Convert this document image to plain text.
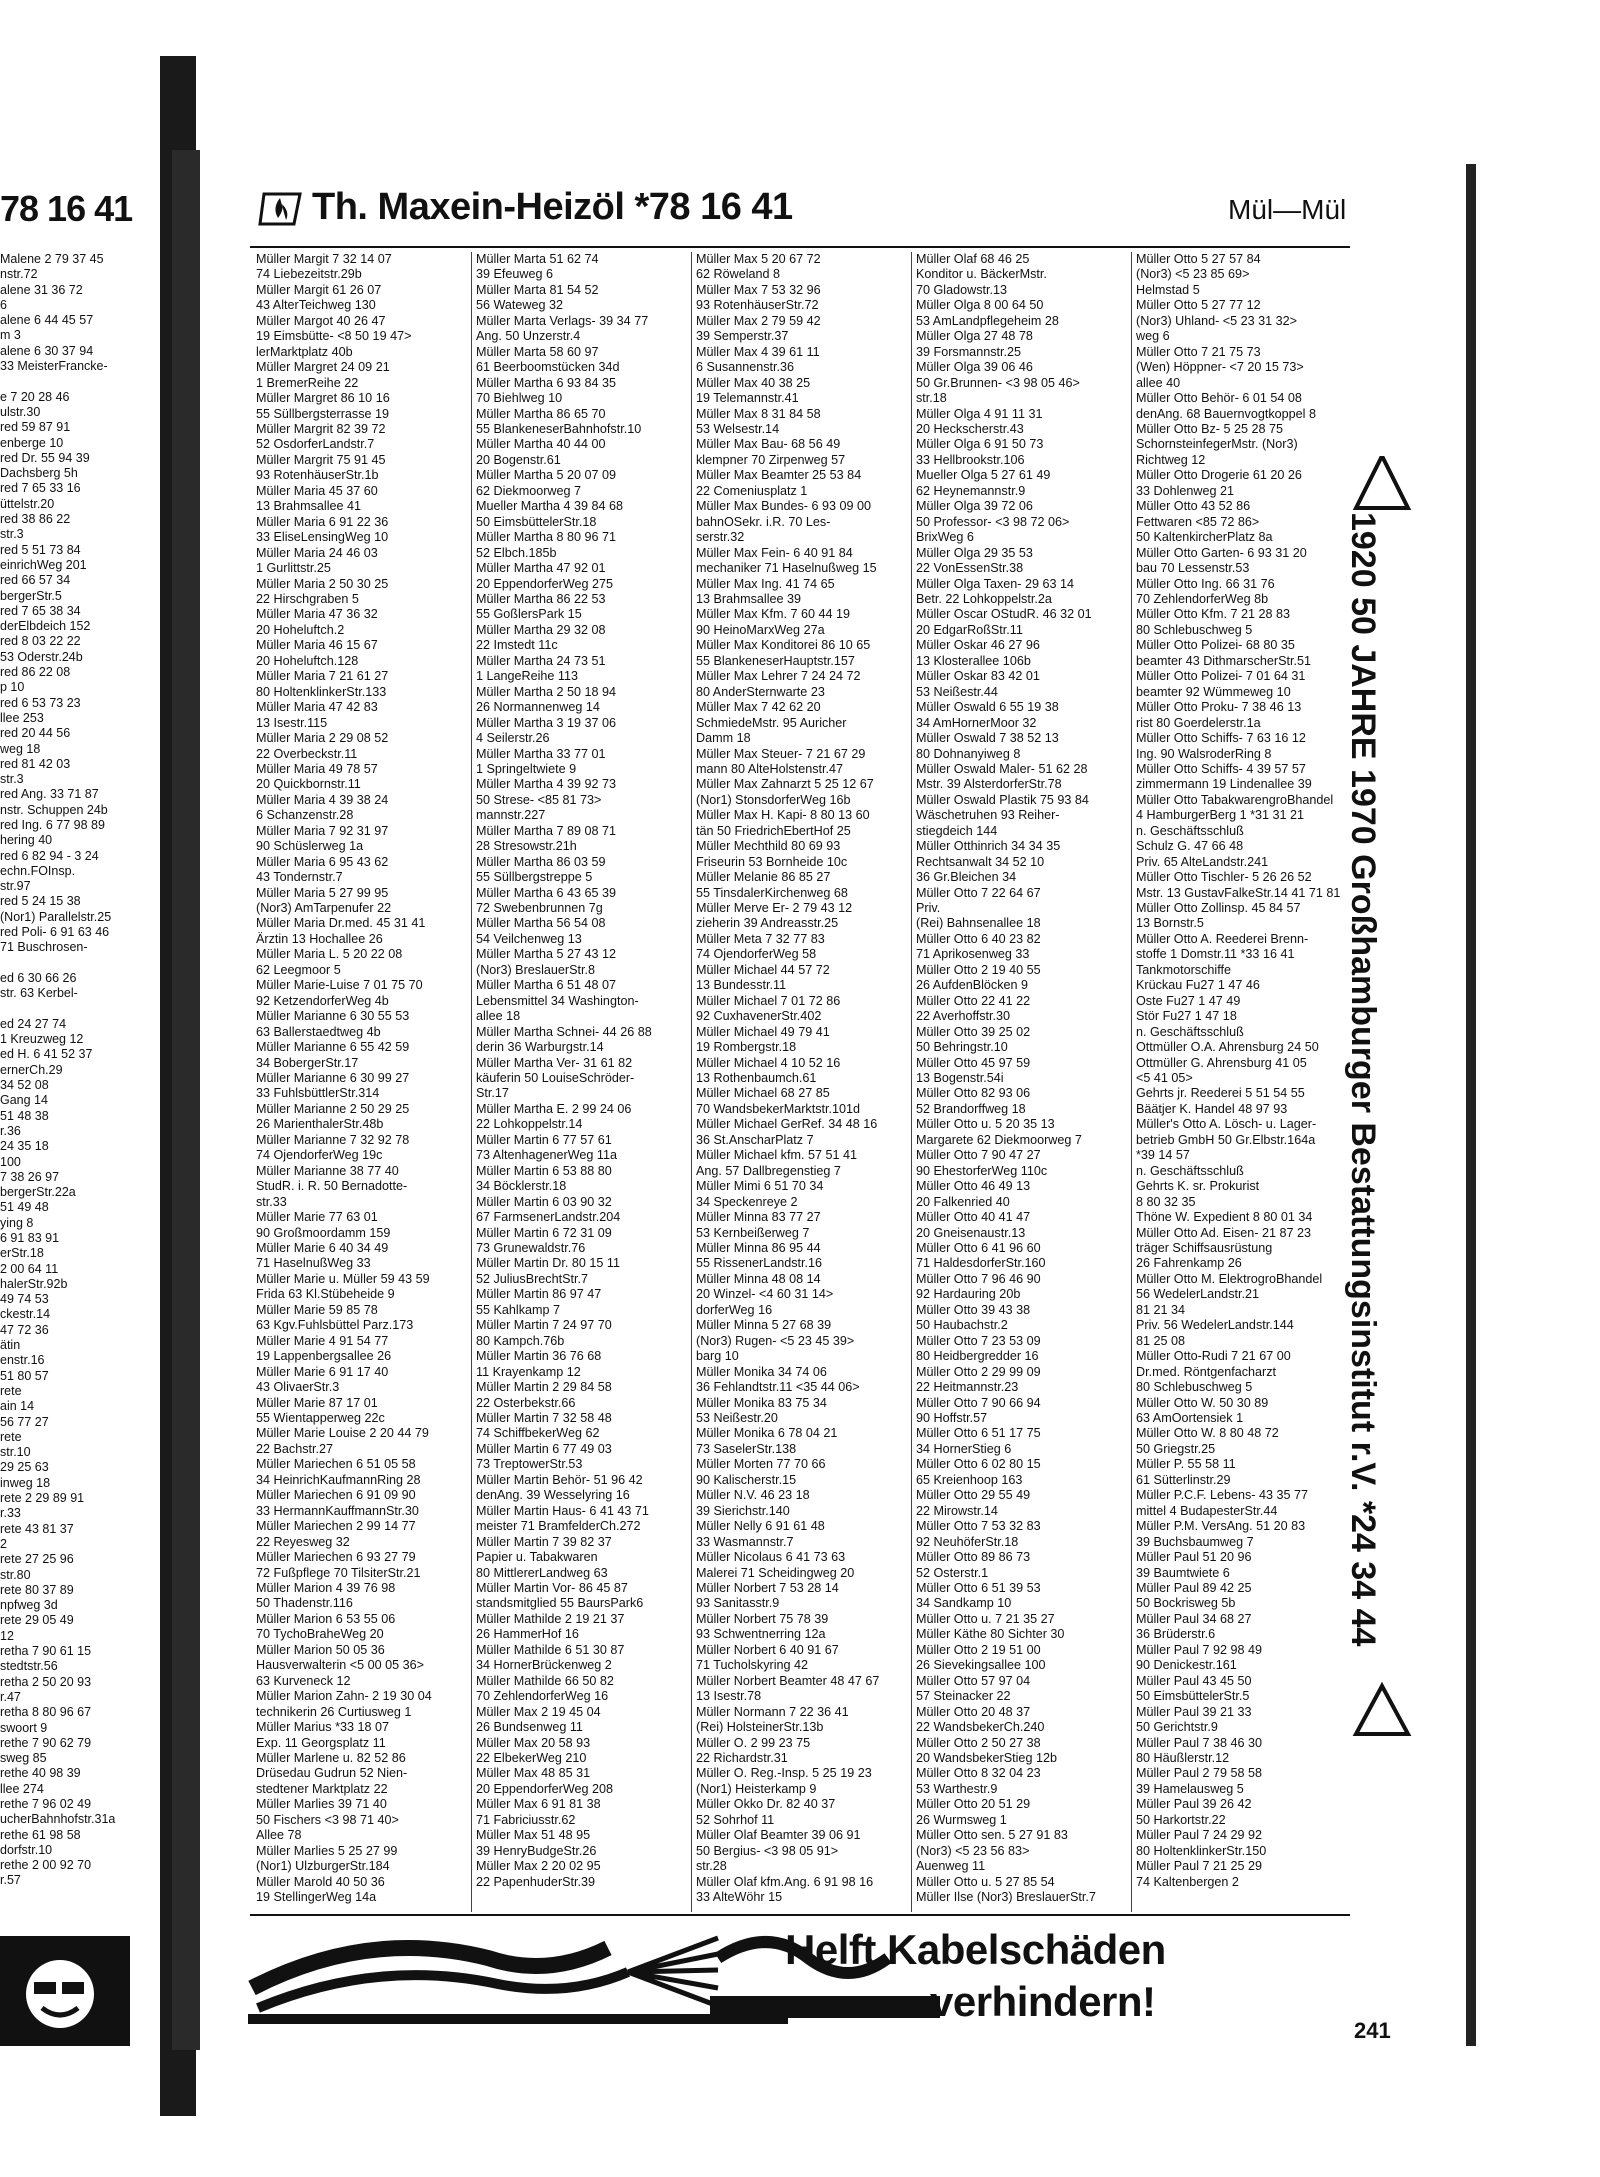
78 16 41
Malene 2 79 37 45
nstr.72
alene 31 36 72
6
alene 6 44 45 57
m 3
alene 6 30 37 94
33 MeisterFrancke-

e 7 20 28 46
ulstr.30
red 59 87 91
enberge 10
red Dr. 55 94 39
Dachsberg 5h
red 7 65 33 16
üttelstr.20
red 38 86 22
str.3
red 5 51 73 84
einrichWeg 201
red 66 57 34
bergerStr.5
red 7 65 38 34
derElbdeich 152
red 8 03 22 22
53 Oderstr.24b
red 86 22 08
p 10
red 6 53 73 23
llee 253
red 20 44 56
weg 18
red 81 42 03
str.3
red Ang. 33 71 87
nstr. Schuppen 24b
red Ing. 6 77 98 89
hering 40
red 6 82 94 - 3 24
echn.FOInsp.
str.97
red 5 24 15 38
(Nor1) Parallelstr.25
red Poli- 6 91 63 46
71 Buschrosen-

ed 6 30 66 26
str. 63 Kerbel-

ed 24 27 74
1 Kreuzweg 12
ed H. 6 41 52 37
ernerCh.29
34 52 08
Gang 14
51 48 38
r.36
24 35 18
100
7 38 26 97
bergerStr.22a
51 49 48
ying 8
6 91 83 91
erStr.18
2 00 64 11
halerStr.92b
49 74 53
ckestr.14
47 72 36
ätin
enstr.16
51 80 57
rete
ain 14
56 77 27
rete
str.10
29 25 63
inweg 18
rete 2 29 89 91
r.33
rete 43 81 37
2
rete 27 25 96
str.80
rete 80 37 89
npfweg 3d
rete 29 05 49
12
retha 7 90 61 15
stedtstr.56
retha 2 50 20 93
r.47
retha 8 80 96 67
swoort 9
rethe 7 90 62 79
sweg 85
rethe 40 98 39
llee 274
rethe 7 96 02 49
ucherBahnhofstr.31a
rethe 61 98 58
dorfstr.10
rethe 2 00 92 70
r.57
Th. Maxein-Heizöl *78 16 41	Mül—Mül
Müller Margit 7 32 14 07
74 Liebezeitstr.29b
Müller Margit 61 26 07
43 AlterTeichweg 130
Müller Margot 40 26 47
19 Eimsbütte- <8 50 19 47>
lerMarktplatz 40b
Müller Margret 24 09 21
1 BremerReihe 22
Müller Margret 86 10 16
55 Süllbergsterrasse 19
Müller Margrit 82 39 72
52 OsdorferLandstr.7
Müller Margrit 75 91 45
93 RotenhäuserStr.1b
Müller Maria 45 37 60
13 Brahmsallee 41
Müller Maria 6 91 22 36
33 EliseLensingWeg 10
Müller Maria 24 46 03
1 Gurlittstr.25
Müller Maria 2 50 30 25
22 Hirschgraben 5
Müller Maria 47 36 32
20 Hoheluftch.2
Müller Maria 46 15 67
20 Hoheluftch.128
Müller Maria 7 21 61 27
80 HoltenklinkerStr.133
Müller Maria 47 42 83
13 Isestr.115
Müller Maria 2 29 08 52
22 Overbeckstr.11
Müller Maria 49 78 57
20 Quickbornstr.11
Müller Maria 4 39 38 24
6 Schanzenstr.28
Müller Maria 7 92 31 97
90 Schüslerweg 1a
Müller Maria 6 95 43 62
43 Tondernstr.7
Müller Maria 5 27 99 95
(Nor3) AmTarpenufer 22
Müller Maria Dr.med. 45 31 41
Ärztin 13 Hochallee 26
Müller Maria L. 5 20 22 08
62 Leegmoor 5
Müller Marie-Luise 7 01 75 70
92 KetzendorferWeg 4b
Müller Marianne 6 30 55 53
63 Ballerstaedtweg 4b
Müller Marianne 6 55 42 59
34 BobergerStr.17
Müller Marianne 6 30 99 27
33 FuhlsbüttlerStr.314
Müller Marianne 2 50 29 25
26 MarienthalerStr.48b
Müller Marianne 7 32 92 78
74 OjendorferWeg 19c
Müller Marianne 38 77 40
StudR. i. R. 50 Bernadotte-
str.33
Müller Marie 77 63 01
90 Großmoordamm 159
Müller Marie 6 40 34 49
71 HaselnußWeg 33
Müller Marie u. Müller 59 43 59
Frida 63 Kl.Stübeheide 9
Müller Marie 59 85 78
63 Kgv.Fuhlsbüttel Parz.173
Müller Marie 4 91 54 77
19 Lappenbergsallee 26
Müller Marie 6 91 17 40
43 OlivaerStr.3
Müller Marie 87 17 01
55 Wientapperweg 22c
Müller Marie Louise 2 20 44 79
22 Bachstr.27
Müller Mariechen 6 51 05 58
34 HeinrichKaufmannRing 28
Müller Mariechen 6 91 09 90
33 HermannKauffmannStr.30
Müller Mariechen 2 99 14 77
22 Reyesweg 32
Müller Mariechen 6 93 27 79
72 Fußpflege 70 TilsiterStr.21
Müller Marion 4 39 76 98
50 Thadenstr.116
Müller Marion 6 53 55 06
70 TychoBraheWeg 20
Müller Marion 50 05 36
Hausverwalterin <5 00 05 36>
63 Kurveneck 12
Müller Marion Zahn- 2 19 30 04
technikerin 26 Curtiusweg 1
Müller Marius *33 18 07
Exp. 11 Georgsplatz 11
Müller Marlene u. 82 52 86
Drüsedau Gudrun 52 Nien-
stedtener Marktplatz 22
Müller Marlies 39 71 40
50 Fischers <3 98 71 40>
Allee 78
Müller Marlies 5 25 27 99
(Nor1) UlzburgerStr.184
Müller Marold 40 50 36
19 StellingerWeg 14a
Müller Marta 51 62 74
39 Efeuweg 6
Müller Marta 81 54 52
56 Wateweg 32
Müller Marta Verlags- 39 34 77
Ang. 50 Unzerstr.4
Müller Marta 58 60 97
61 Beerboomstücken 34d
Müller Martha 6 93 84 35
70 Biehlweg 10
Müller Martha 86 65 70
55 BlankeneserBahnhofstr.10
Müller Martha 40 44 00
20 Bogenstr.61
Müller Martha 5 20 07 09
62 Diekmoorweg 7
Mueller Martha 4 39 84 68
50 EimsbüttelerStr.18
Müller Martha 8 80 96 71
52 Elbch.185b
Müller Martha 47 92 01
20 EppendorferWeg 275
Müller Martha 86 22 53
55 GoßlersPark 15
Müller Martha 29 32 08
22 Imstedt 11c
Müller Martha 24 73 51
1 LangeReihe 113
Müller Martha 2 50 18 94
26 Normannenweg 14
Müller Martha 3 19 37 06
4 Seilerstr.26
Müller Martha 33 77 01
1 Springeltwiete 9
Müller Martha 4 39 92 73
50 Strese- <85 81 73>
mannstr.227
Müller Martha 7 89 08 71
28 Stresowstr.21h
Müller Martha 86 03 59
55 Süllbergstreppe 5
Müller Martha 6 43 65 39
72 Swebenbrunnen 7g
Müller Martha 56 54 08
54 Veilchenweg 13
Müller Martha 5 27 43 12
(Nor3) BreslauerStr.8
Müller Martha 6 51 48 07
Lebensmittel 34 Washington-
allee 18
Müller Martha Schnei- 44 26 88
derin 36 Warburgstr.14
Müller Martha Ver- 31 61 82
käuferin 50 LouiseSchröder-
Str.17
Müller Martha E. 2 99 24 06
22 Lohkoppelstr.14
Müller Martin 6 77 57 61
73 AltenhagenerWeg 11a
Müller Martin 6 53 88 80
34 Böcklerstr.18
Müller Martin 6 03 90 32
67 FarmsenerLandstr.204
Müller Martin 6 72 31 09
73 Grunewaldstr.76
Müller Martin Dr. 80 15 11
52 JuliusBrechtStr.7
Müller Martin 86 97 47
55 Kahlkamp 7
Müller Martin 7 24 97 70
80 Kampch.76b
Müller Martin 36 76 68
11 Krayenkamp 12
Müller Martin 2 29 84 58
22 Osterbekstr.66
Müller Martin 7 32 58 48
74 SchiffbekerWeg 62
Müller Martin 6 77 49 03
73 TreptowerStr.53
Müller Martin Behör- 51 96 42
denAng. 39 Wesselyring 16
Müller Martin Haus- 6 41 43 71
meister 71 BramfelderCh.272
Müller Martin 7 39 82 37
Papier u. Tabakwaren
80 MittlererLandweg 63
Müller Martin Vor- 86 45 87
standsmitglied 55 BaursPark6
Müller Mathilde 2 19 21 37
26 HammerHof 16
Müller Mathilde 6 51 30 87
34 HornerBrückenweg 2
Müller Mathilde 66 50 82
70 ZehlendorferWeg 16
Müller Max 2 19 45 04
26 Bundsenweg 11
Müller Max 20 58 93
22 ElbekerWeg 210
Müller Max 48 85 31
20 EppendorferWeg 208
Müller Max 6 91 81 38
71 Fabriciusstr.62
Müller Max 51 48 95
39 HenryBudgeStr.26
Müller Max 2 20 02 95
22 PapenhuderStr.39
Müller Max 5 20 67 72
62 Röweland 8
Müller Max 7 53 32 96
93 RotenhäuserStr.72
Müller Max 2 79 59 42
39 Semperstr.37
Müller Max 4 39 61 11
6 Susannenstr.36
Müller Max 40 38 25
19 Telemannstr.41
Müller Max 8 31 84 58
53 Welsestr.14
Müller Max Bau- 68 56 49
klempner 70 Zirpenweg 57
Müller Max Beamter 25 53 84
22 Comeniusplatz 1
Müller Max Bundes- 6 93 09 00
bahnOSekr. i.R. 70 Les-
serstr.32
Müller Max Fein- 6 40 91 84
mechaniker 71 Haselnußweg 15
Müller Max Ing. 41 74 65
13 Brahmsallee 39
Müller Max Kfm. 7 60 44 19
90 HeinoMarxWeg 27a
Müller Max Konditorei 86 10 65
55 BlankeneserHauptstr.157
Müller Max Lehrer 7 24 24 72
80 AnderSternwarte 23
Müller Max 7 42 62 20
SchmiedeMstr. 95 Auricher
Damm 18
Müller Max Steuer- 7 21 67 29
mann 80 AlteHolstenstr.47
Müller Max Zahnarzt 5 25 12 67
(Nor1) StonsdorferWeg 16b
Müller Max H. Kapi- 8 80 13 60
tän 50 FriedrichEbertHof 25
Müller Mechthild 80 69 93
Friseurin 53 Bornheide 10c
Müller Melanie 86 85 27
55 TinsdalerKirchenweg 68
Müller Merve Er- 2 79 43 12
zieherin 39 Andreasstr.25
Müller Meta 7 32 77 83
74 OjendorferWeg 58
Müller Michael 44 57 72
13 Bundesstr.11
Müller Michael 7 01 72 86
92 CuxhavenerStr.402
Müller Michael 49 79 41
19 Rombergstr.18
Müller Michael 4 10 52 16
13 Rothenbaumch.61
Müller Michael 68 27 85
70 WandsbekerMarktstr.101d
Müller Michael GerRef. 34 48 16
36 St.AnscharPlatz 7
Müller Michael kfm. 57 51 41
Ang. 57 Dallbregenstieg 7
Müller Mimi 6 51 70 34
34 Speckenreye 2
Müller Minna 83 77 27
53 Kernbeißerweg 7
Müller Minna 86 95 44
55 RissenerLandstr.16
Müller Minna 48 08 14
20 Winzel- <4 60 31 14>
dorferWeg 16
Müller Minna 5 27 68 39
(Nor3) Rugen- <5 23 45 39>
barg 10
Müller Monika 34 74 06
36 Fehlandtstr.11 <35 44 06>
Müller Monika 83 75 34
53 Neißestr.20
Müller Monika 6 78 04 21
73 SaselerStr.138
Müller Morten 77 70 66
90 Kalischerstr.15
Müller N.V. 46 23 18
39 Sierichstr.140
Müller Nelly 6 91 61 48
33 Wasmannstr.7
Müller Nicolaus 6 41 73 63
Malerei 71 Scheidingweg 20
Müller Norbert 7 53 28 14
93 Sanitasstr.9
Müller Norbert 75 78 39
93 Schwentnerring 12a
Müller Norbert 6 40 91 67
71 Tucholskyring 42
Müller Norbert Beamter 48 47 67
13 Isestr.78
Müller Normann 7 22 36 41
(Rei) HolsteinerStr.13b
Müller O. 2 99 23 75
22 Richardstr.31
Müller O. Reg.-Insp. 5 25 19 23
(Nor1) Heisterkamp 9
Müller Okko Dr. 82 40 37
52 Sohrhof 11
Müller Olaf Beamter 39 06 91
50 Bergius- <3 98 05 91>
str.28
Müller Olaf kfm.Ang. 6 91 98 16
33 AlteWöhr 15
Müller Olaf 68 46 25
Konditor u. BäckerMstr.
70 Gladowstr.13
Müller Olga 8 00 64 50
53 AmLandpflegeheim 28
Müller Olga 27 48 78
39 Forsmannstr.25
Müller Olga 39 06 46
50 Gr.Brunnen- <3 98 05 46>
str.18
Müller Olga 4 91 11 31
20 Heckscherstr.43
Müller Olga 6 91 50 73
33 Hellbrookstr.106
Mueller Olga 5 27 61 49
62 Heynemannstr.9
Müller Olga 39 72 06
50 Professor- <3 98 72 06>
BrixWeg 6
Müller Olga 29 35 53
22 VonEssenStr.38
Müller Olga Taxen- 29 63 14
Betr. 22 Lohkoppelstr.2a
Müller Oscar OStudR. 46 32 01
20 EdgarRoßStr.11
Müller Oskar 46 27 96
13 Klosterallee 106b
Müller Oskar 83 42 01
53 Neißestr.44
Müller Oswald 6 55 19 38
34 AmHornerMoor 32
Müller Oswald 7 38 52 13
80 Dohnanyiweg 8
Müller Oswald Maler- 51 62 28
Mstr. 39 AlsterdorferStr.78
Müller Oswald Plastik 75 93 84
Wäschetruhen 93 Reiher-
stiegdeich 144
Müller Otthinrich 34 34 35
Rechtsanwalt 34 52 10
36 Gr.Bleichen 34
Müller Otto 7 22 64 67
Priv.
(Rei) Bahnsenallee 18
Müller Otto 6 40 23 82
71 Aprikosenweg 33
Müller Otto 2 19 40 55
26 AufdenBlöcken 9
Müller Otto 22 41 22
22 Averhoffstr.30
Müller Otto 39 25 02
50 Behringstr.10
Müller Otto 45 97 59
13 Bogenstr.54i
Müller Otto 82 93 06
52 Brandorffweg 18
Müller Otto u. 5 20 35 13
Margarete 62 Diekmoorweg 7
Müller Otto 7 90 47 27
90 EhestorferWeg 110c
Müller Otto 46 49 13
20 Falkenried 40
Müller Otto 40 41 47
20 Gneisenaustr.13
Müller Otto 6 41 96 60
71 HaldesdorferStr.160
Müller Otto 7 96 46 90
92 Hardauring 20b
Müller Otto 39 43 38
50 Haubachstr.2
Müller Otto 7 23 53 09
80 Heidbergredder 16
Müller Otto 2 29 99 09
22 Heitmannstr.23
Müller Otto 7 90 66 94
90 Hoffstr.57
Müller Otto 6 51 17 75
34 HornerStieg 6
Müller Otto 6 02 80 15
65 Kreienhoop 163
Müller Otto 29 55 49
22 Mirowstr.14
Müller Otto 7 53 32 83
92 NeuhöferStr.18
Müller Otto 89 86 73
52 Osterstr.1
Müller Otto 6 51 39 53
34 Sandkamp 10
Müller Otto u. 7 21 35 27
Müller Käthe 80 Sichter 30
Müller Otto 2 19 51 00
26 Sievekingsallee 100
Müller Otto 57 97 04
57 Steinacker 22
Müller Otto 20 48 37
22 WandsbekerCh.240
Müller Otto 2 50 27 38
20 WandsbekerStieg 12b
Müller Otto 8 32 04 23
53 Warthestr.9
Müller Otto 20 51 29
26 Wurmsweg 1
Müller Otto sen. 5 27 91 83
(Nor3) <5 23 56 83>
Auenweg 11
Müller Otto u. 5 27 85 54
Müller Ilse (Nor3) BreslauerStr.7
Müller Otto 5 27 57 84
(Nor3) <5 23 85 69>
Helmstad 5
Müller Otto 5 27 77 12
(Nor3) Uhland- <5 23 31 32>
weg 6
Müller Otto 7 21 75 73
(Wen) Höppner- <7 20 15 73>
allee 40
Müller Otto Behör- 6 01 54 08
denAng. 68 Bauernvogtkoppel 8
Müller Otto Bz- 5 25 28 75
SchornsteinfegerMstr. (Nor3)
Richtweg 12
Müller Otto Drogerie 61 20 26
33 Dohlenweg 21
Müller Otto 43 52 86
Fettwaren <85 72 86>
50 KaltenkircherPlatz 8a
Müller Otto Garten- 6 93 31 20
bau 70 Lessenstr.53
Müller Otto Ing. 66 31 76
70 ZehlendorferWeg 8b
Müller Otto Kfm. 7 21 28 83
80 Schlebuschweg 5
Müller Otto Polizei- 68 80 35
beamter 43 DithmarscherStr.51
Müller Otto Polizei- 7 01 64 31
beamter 92 Wümmeweg 10
Müller Otto Proku- 7 38 46 13
rist 80 Goerdelerstr.1a
Müller Otto Schiffs- 7 63 16 12
Ing. 90 WalsroderRing 8
Müller Otto Schiffs- 4 39 57 57
zimmermann 19 Lindenallee 39
Müller Otto TabakwarengroBhandel
4 HamburgerBerg 1 *31 31 21
n. Geschäftsschluß
Schulz G. 47 66 48
Priv. 65 AlteLandstr.241
Müller Otto Tischler- 5 26 26 52
Mstr. 13 GustavFalkeStr.14 41 71 81
Müller Otto Zollinsp. 45 84 57
13 Bornstr.5
Müller Otto A. Reederei Brenn-
stoffe 1 Domstr.11 *33 16 41
Tankmotorschiffe
Krückau Fu27 1 47 46
Oste Fu27 1 47 49
Stör Fu27 1 47 18
n. Geschäftsschluß
Ottmüller O.A. Ahrensburg 24 50
Ottmüller G. Ahrensburg 41 05
<5 41 05>
Gehrts jr. Reederei 5 51 54 55
Bäätjer K. Handel 48 97 93
Müller's Otto A. Lösch- u. Lager-
betrieb GmbH 50 Gr.Elbstr.164a
*39 14 57
n. Geschäftsschluß
Gehrts K. sr. Prokurist
8 80 32 35
Thöne W. Expedient 8 80 01 34
Müller Otto Ad. Eisen- 21 87 23
träger Schiffsausrüstung
26 Fahrenkamp 26
Müller Otto M. ElektrogroBhandel
56 WedelerLandstr.21
81 21 34
Priv. 56 WedelerLandstr.144
81 25 08
Müller Otto-Rudi 7 21 67 00
Dr.med. Röntgenfacharzt
80 Schlebuschweg 5
Müller Otto W. 50 30 89
63 AmOortensiek 1
Müller Otto W. 8 80 48 72
50 Griegstr.25
Müller P. 55 58 11
61 Sütterlinstr.29
Müller P.C.F. Lebens- 43 35 77
mittel 4 BudapesterStr.44
Müller P.M. VersAng. 51 20 83
39 Buchsbaumweg 7
Müller Paul 51 20 96
39 Baumtwiete 6
Müller Paul 89 42 25
50 Bockrisweg 5b
Müller Paul 34 68 27
36 Brüderstr.6
Müller Paul 7 92 98 49
90 Denickestr.161
Müller Paul 43 45 50
50 EimsbüttelerStr.5
Müller Paul 39 21 33
50 Gerichtstr.9
Müller Paul 7 38 46 30
80 Häußlerstr.12
Müller Paul 2 79 58 58
39 Hamelausweg 5
Müller Paul 39 26 42
50 Harkortstr.22
Müller Paul 7 24 29 92
80 HoltenklinkerStr.150
Müller Paul 7 21 25 29
74 Kaltenbergen 2
1920 50 JAHRE 1970 Großhamburger Bestattungsinstitut r.V. *24 34 44
Helft Kabelschäden
verhindern!
241
